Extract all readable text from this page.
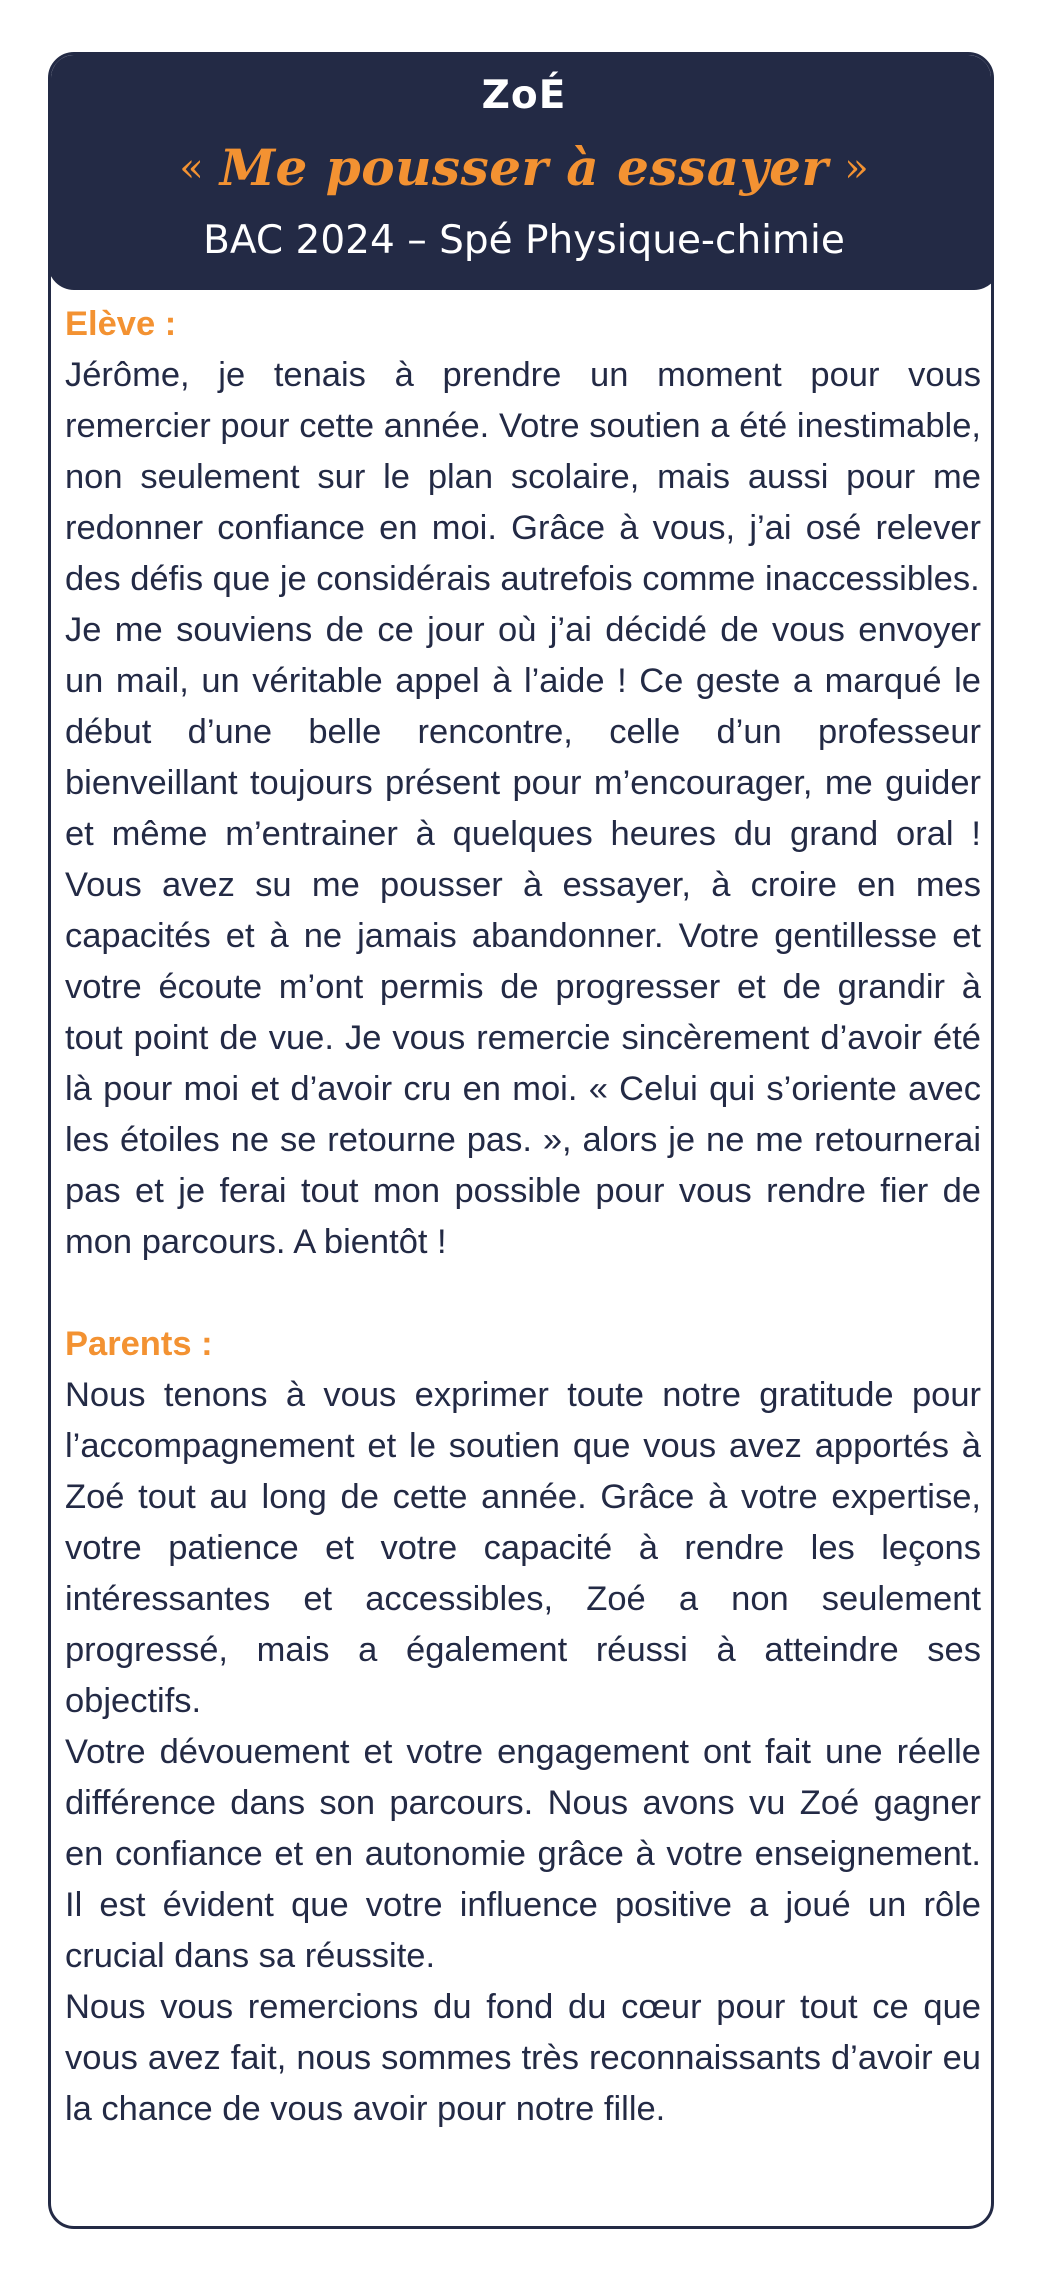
ZoÉ
« Me pousser à essayer »
BAC 2024 – Spé Physique-chimie

Elève :

Jérôme, je tenais à prendre un moment pour vous remercier pour cette année. Votre soutien a été inestimable, non seulement sur le plan scolaire, mais aussi pour me redonner confiance en moi. Grâce à vous, j’ai osé relever des défis que je considérais autrefois comme inaccessibles.

Je me souviens de ce jour où j’ai décidé de vous envoyer un mail, un véritable appel à l’aide ! Ce geste a marqué le début d’une belle rencontre, celle d’un professeur bienveillant toujours présent pour m’encourager, me guider et même m’entrainer à quelques heures du grand oral ! Vous avez su me pousser à essayer, à croire en mes capacités et à ne jamais abandonner. Votre gentillesse et votre écoute m’ont permis de progresser et de grandir à tout point de vue. Je vous remercie sincèrement d’avoir été là pour moi et d’avoir cru en moi. « Celui qui s’oriente avec les étoiles ne se retourne pas. », alors je ne me retournerai pas et je ferai tout mon possible pour vous rendre fier de mon parcours. A bientôt !

Parents :

Nous tenons à vous exprimer toute notre gratitude pour l’accompagnement et le soutien que vous avez apportés à Zoé tout au long de cette année. Grâce à votre expertise, votre patience et votre capacité à rendre les leçons intéressantes et accessibles, Zoé a non seulement progressé, mais a également réussi à atteindre ses objectifs.

Votre dévouement et votre engagement ont fait une réelle différence dans son parcours. Nous avons vu Zoé gagner en confiance et en autonomie grâce à votre enseignement. Il est évident que votre influence positive a joué un rôle crucial dans sa réussite.

Nous vous remercions du fond du cœur pour tout ce que vous avez fait, nous sommes très reconnaissants d’avoir eu la chance de vous avoir pour notre fille.
